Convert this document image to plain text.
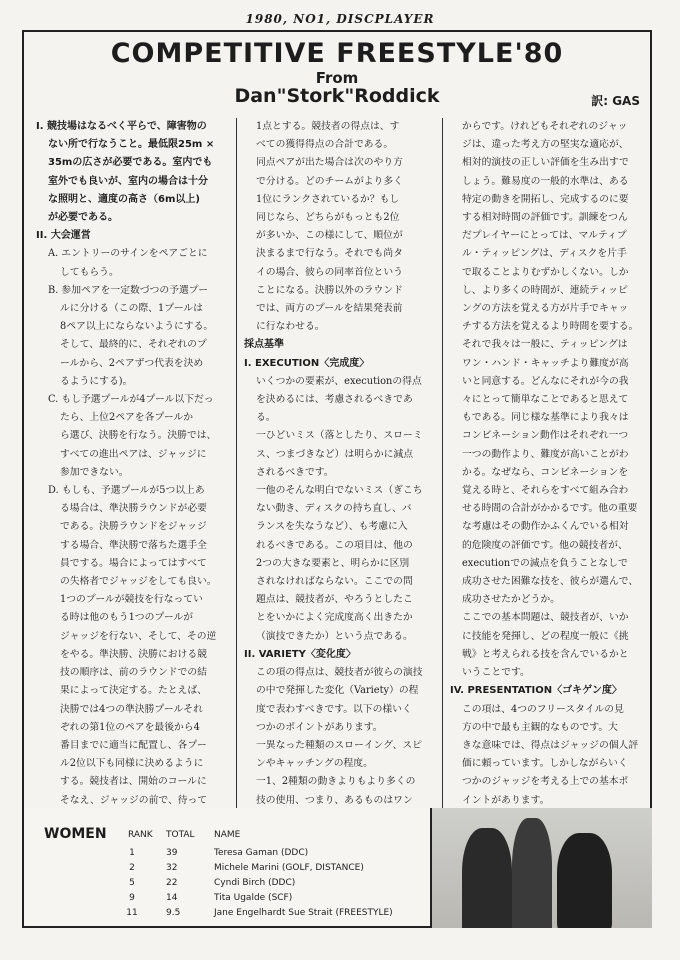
1980, NO1, DISCPLAYER
COMPETITIVE FREESTYLE'80
From
Dan"Stork"Roddick	訳: GAS
I. 競技場はなるべく平らで、障害物の
ない所で行なうこと。最低限25m ×
35mの広さが必要である。室内でも
室外でも良いが、室内の場合は十分
な照明と、適度の高さ（6m以上)
が必要である。
II. 大会運営
A. エントリーのサインをペアごとに
してもらう。
B. 参加ペアを一定数づつの予選プー
ルに分ける（この際、1プールは
8ペア以上にならないようにする。
そして、最終的に、それぞれのプ
ールから、2ペアずつ代表を決め
るようにする)。
C. もし予選プールが4プール以下だっ
たら、上位2ペアを各プールか
ら選び、決勝を行なう。決勝では、
すべての進出ペアは、ジャッジに
参加できない。
D. もしも、予選プールが5つ以上あ
る場合は、準決勝ラウンドが必要
である。決勝ラウンドをジャッジ
する場合、準決勝で落ちた選手全
員でする。場合によってはすべて
の失格者でジャッジをしても良い。
1つのプールが競技を行なってい
る時は他のもう1つのプールが
ジャッジを行ない、そして、その逆
をやる。準決勝、決勝における競
技の順序は、前のラウンドでの結
果によって決定する。たとえば、
決勝では4つの準決勝プールそれ
ぞれの第1位のペアを最後から4
番目までに適当に配置し、各プー
ル2位以下も同様に決めるように
する。競技者は、開始のコールに
そなえ、ジャッジの前で、待って
1点とする。競技者の得点は、す
べての獲得得点の合計である。
同点ペアが出た場合は次のやり方
で分ける。どのチームがより多く
1位にランクされているか？もし
同じなら、どちらがもっとも2位
が多いか、この様にして、順位が
決まるまで行なう。それでも尚タ
イの場合、彼らの同率首位という
ことになる。決勝以外のラウンド
では、両方のプールを結果発表前
に行なわせる。
採点基準
I. EXECUTION〈完成度〉
いくつかの要素が、executionの得点
を決めるには、考慮されるべきである。
一ひどいミス（落としたり、スローミ
ス、つまづきなど）は明らかに減点
されるべきです。
一他のそんな明白でないミス（ぎこち
ない動き、ディスクの持ち直し、バ
ランスを失なうなど）、も考慮に入
れるべきである。この項目は、他の
2つの大きな要素と、明らかに区別
されなければならない。ここでの問
題点は、競技者が、やろうとしたこ
とをいかによく完成度高く出きたか
（演技できたか）という点である。
II. VARIETY〈変化度〉
この項の得点は、競技者が彼らの演技
の中で発揮した変化（Variety）の程
度で表わすべきです。以下の様いく
つかのポイントがあります。
一異なった種類のスローイング、スピ
ンやキャッチングの程度。
一1、2種類の動きよりもより多くの
技の使用、つまり、あるものはワン
からです。けれどもそれぞれのジャッ
ジは、違った考え方の堅実な適応が、
相対的演技の正しい評価を生み出すで
しょう。難易度の一般的水準は、ある
特定の動きを開拓し、完成するのに要
する相対時間の評価です。訓練をつん
だプレイヤーにとっては、マルティプ
ル・ティッピングは、ディスクを片手
で取ることよりむずかしくない。しか
し、より多くの時間が、連続ティッピ
ングの方法を覚える方が片手でキャッ
チする方法を覚えるより時間を要する。
それで我々は一般に、ティッピングは
ワン・ハンド・キャッチより難度が高
いと同意する。どんなにそれが今の我
々にとって簡単なことであると思えて
もである。同じ様な基準により我々は
コンビネーション動作はそれぞれ一つ
一つの動作より、難度が高いことがわ
かる。なぜなら、コンビネーションを
覚える時と、それらをすべて組み合わ
せる時間の合計がかかるです。他の重要
な考慮はその動作かふくんでいる相対
的危険度の評価です。他の競技者が、
executionでの減点を負うことなしで
成功させた困難な技を、彼らが選んで、
成功させたかどうか。
ここでの基本問題は、競技者が、いか
に技能を発揮し、どの程度一般に《挑
戦》と考えられる技を含んでいるかと
いうことです。
IV. PRESENTATION〈ゴキゲン度〉
この項は、4つのフリースタイルの見
方の中で最も主観的なものです。大
きな意味では、得点はジャッジの個人評
価に頼っています。しかしながらいく
つかのジャッジを考える上での基本ポ
イントがあります。
WOMEN RANK	TOTAL	NAME
1	39	Teresa Gaman (DDC)
2	32	Michele Marini (GOLF, DISTANCE)
5	22	Cyndi Birch (DDC)
9	14	Tita Ugalde (SCF)
11	9.5	Jane Engelhardt Sue Strait (FREESTYLE)
